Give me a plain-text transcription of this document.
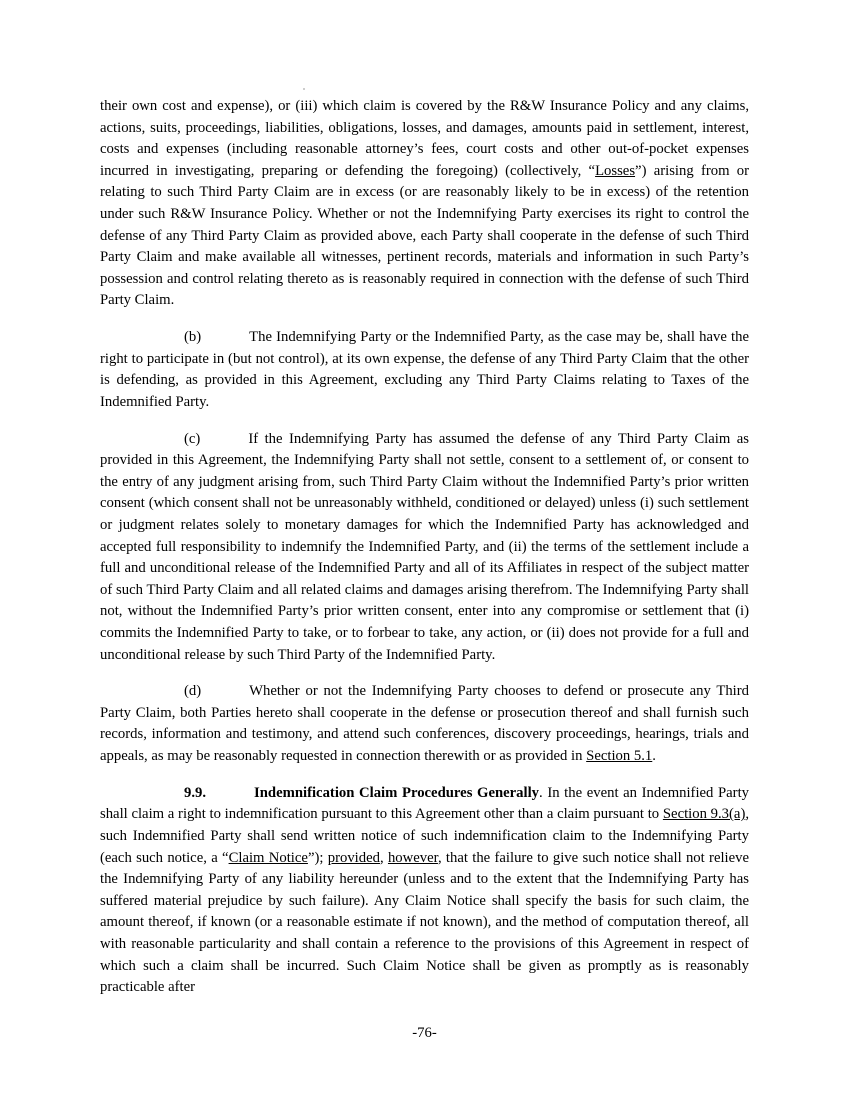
their own cost and expense), or (iii) which claim is covered by the R&W Insurance Policy and any claims, actions, suits, proceedings, liabilities, obligations, losses, and damages, amounts paid in settlement, interest, costs and expenses (including reasonable attorney’s fees, court costs and other out-of-pocket expenses incurred in investigating, preparing or defending the foregoing) (collectively, “Losses”) arising from or relating to such Third Party Claim are in excess (or are reasonably likely to be in excess) of the retention under such R&W Insurance Policy. Whether or not the Indemnifying Party exercises its right to control the defense of any Third Party Claim as provided above, each Party shall cooperate in the defense of such Third Party Claim and make available all witnesses, pertinent records, materials and information in such Party’s possession and control relating thereto as is reasonably required in connection with the defense of such Third Party Claim.

(b)	The Indemnifying Party or the Indemnified Party, as the case may be, shall have the right to participate in (but not control), at its own expense, the defense of any Third Party Claim that the other is defending, as provided in this Agreement, excluding any Third Party Claims relating to Taxes of the Indemnified Party.

(c)	If the Indemnifying Party has assumed the defense of any Third Party Claim as provided in this Agreement, the Indemnifying Party shall not settle, consent to a settlement of, or consent to the entry of any judgment arising from, such Third Party Claim without the Indemnified Party’s prior written consent (which consent shall not be unreasonably withheld, conditioned or delayed) unless (i) such settlement or judgment relates solely to monetary damages for which the Indemnified Party has acknowledged and accepted full responsibility to indemnify the Indemnified Party, and (ii) the terms of the settlement include a full and unconditional release of the Indemnified Party and all of its Affiliates in respect of the subject matter of such Third Party Claim and all related claims and damages arising therefrom. The Indemnifying Party shall not, without the Indemnified Party’s prior written consent, enter into any compromise or settlement that (i) commits the Indemnified Party to take, or to forbear to take, any action, or (ii) does not provide for a full and unconditional release by such Third Party of the Indemnified Party.

(d)	Whether or not the Indemnifying Party chooses to defend or prosecute any Third Party Claim, both Parties hereto shall cooperate in the defense or prosecution thereof and shall furnish such records, information and testimony, and attend such conferences, discovery proceedings, hearings, trials and appeals, as may be reasonably requested in connection therewith or as provided in Section 5.1.

9.9.	Indemnification Claim Procedures Generally. In the event an Indemnified Party shall claim a right to indemnification pursuant to this Agreement other than a claim pursuant to Section 9.3(a), such Indemnified Party shall send written notice of such indemnification claim to the Indemnifying Party (each such notice, a “Claim Notice”); provided, however, that the failure to give such notice shall not relieve the Indemnifying Party of any liability hereunder (unless and to the extent that the Indemnifying Party has suffered material prejudice by such failure). Any Claim Notice shall specify the basis for such claim, the amount thereof, if known (or a reasonable estimate if not known), and the method of computation thereof, all with reasonable particularity and shall contain a reference to the provisions of this Agreement in respect of which such a claim shall be incurred. Such Claim Notice shall be given as promptly as is reasonably practicable after

-76-
